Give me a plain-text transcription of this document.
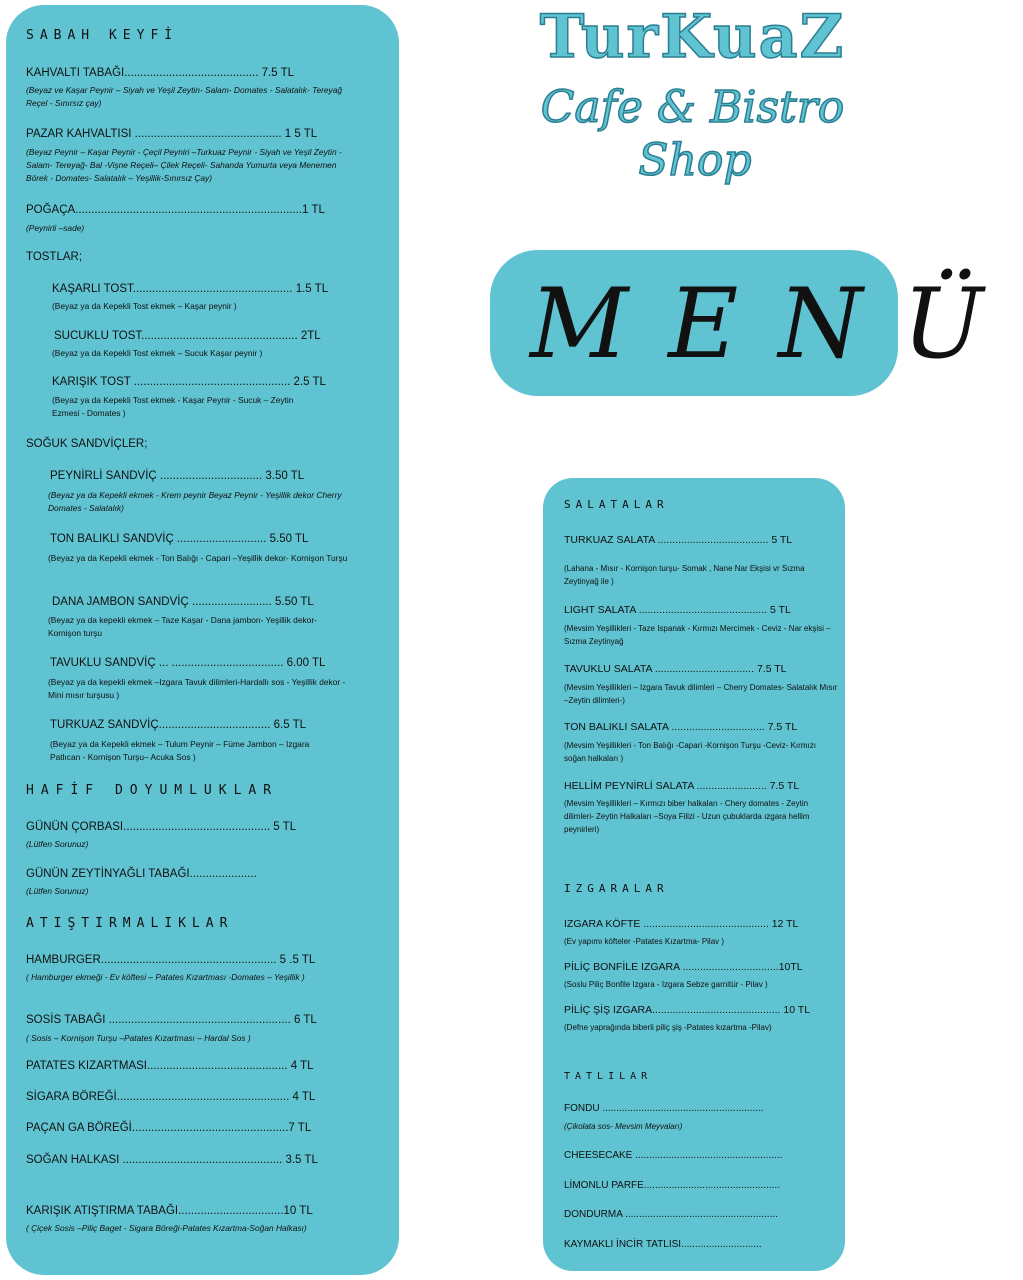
TurKuaZ
Cafe & Bistro
Shop
MENÜ
SABAH KEYFİ
KAHVALTI TABAĞI.......................................... 7.5 TL
(Beyaz ve Kaşar Peynir – Siyah ve Yeşil Zeytin- Salam- Domates - Salatalık- Tereyağ Reçel - Sınırsız çay)
PAZAR KAHVALTISI .............................................. 1 5 TL
(Beyaz Peynir – Kaşar Peynir - Çeçil Peyniri –Turkuaz Peynir - Siyah ve Yeşil Zeytin -Salam- Tereyağ- Bal -Vişne Reçeli– Çilek Reçeli- Sahanda Yumurta veya Menemen Börek - Domates- Salatalık – Yeşillik-Sınırsız Çay)
POĞAÇA.......................................................................1 TL
(Peynirli –sade)
TOSTLAR;
KAŞARLI TOST.................................................. 1.5 TL
(Beyaz ya da Kepekli Tost ekmek – Kaşar peynir )
SUCUKLU TOST................................................. 2TL
(Beyaz ya da Kepekli Tost ekmek – Sucuk Kaşar peynir )
KARIŞIK TOST ................................................. 2.5 TL
(Beyaz ya da Kepekli Tost ekmek - Kaşar Peynir - Sucuk – Zeytin Ezmesi - Domates )
SOĞUK SANDVİÇLER;
PEYNİRLİ SANDVİÇ ................................ 3.50 TL
(Beyaz ya da Kepekli ekmek - Krem peynir Beyaz Peynir - Yeşillik dekor Cherry Domates - Salatalık)
TON BALIKLI SANDVİÇ ............................ 5.50 TL
(Beyaz ya da Kepekli ekmek - Ton Balığı - Capari –Yeşillik dekor- Kornişon Turşu
DANA JAMBON SANDVİÇ ......................... 5.50 TL
(Beyaz ya da kepekli ekmek – Taze Kaşar - Dana jambon- Yeşillik dekor-Kornişon turşu
TAVUKLU SANDVİÇ ... ................................... 6.00 TL
(Beyaz ya da kepekli ekmek –Izgara Tavuk dilimleri-Hardallı sos - Yeşillik dekor - Mini mısır turşusu )
TURKUAZ SANDVİÇ................................... 6.5 TL
(Beyaz ya da Kepekli ekmek – Tulum Peynir – Füme Jambon – Izgara Patlıcan - Kornişon Turşu– Acuka Sos )
HAFİF DOYUMLUKLAR
GÜNÜN ÇORBASI.............................................. 5 TL
(Lütfen Sorunuz)
GÜNÜN ZEYTİNYAĞLI TABAĞI.....................
(Lütfen Sorunuz)
ATIŞTIRMALIKLAR
HAMBURGER....................................................... 5 .5 TL
( Hamburger ekmeği - Ev köftesi – Patates Kızartması -Domates – Yeşillik )
SOSİS TABAĞI ......................................................... 6 TL
( Sosis – Kornişon Turşu –Patates Kızartması – Hardal Sos )
PATATES KIZARTMASI............................................ 4 TL
SİGARA BÖREĞİ...................................................... 4 TL
PAÇAN GA BÖREĞİ.................................................7 TL
SOĞAN HALKASI .................................................. 3.5 TL
KARIŞIK ATIŞTIRMA TABAĞI.................................10 TL
( Çiçek Sosis –Piliç Baget - Sigara Böreği-Patates Kızartma-Soğan Halkası)
SALATALAR
TURKUAZ SALATA ...................................... 5 TL
(Lahana - Mısır - Kornişon turşu- Somak , Nane Nar Ekşisi vr Sızma Zeytinyağ ile )
LIGHT SALATA ............................................ 5 TL
(Mevsim Yeşillikleri - Taze Ispanak - Kırmızı Mercimek - Ceviz - Nar ekşisi – Sızma Zeytinyağ
TAVUKLU SALATA .................................. 7.5 TL
(Mevsim Yeşillikleri – Izgara Tavuk dilimleri – Cherry Domates- Salatalık Mısır –Zeytin dilimleri-)
TON BALIKLI SALATA ................................ 7.5 TL
(Mevsim Yeşillikleri - Ton Balığı -Capari -Kornişon Turşu -Ceviz- Kırmızı soğan halkaları )
HELLİM PEYNİRLİ SALATA ........................ 7.5 TL
(Mevsim Yeşillikleri – Kırmızı biber halkaları - Chery domates - Zeytin dilimleri- Zeytin Halkaları –Soya Filizi - Uzun çubuklarda ızgara hellim peynirleri)
IZGARALAR
IZGARA KÖFTE ........................................... 12 TL
(Ev yapımı köfteler -Patates Kızartma- Pilav )
PİLİÇ BONFİLE IZGARA .................................10TL
(Soslu Piliç Bonfile Izgara - Izgara Sebze garnitür - Pilav )
PİLİÇ ŞİŞ IZGARA............................................ 10 TL
(Defne yaprağında biberli piliç şiş -Patates kızartma -Pilav)
TATLILAR
FONDU ..........................................................
(Çikolata sos- Mevsim Meyvaları)
CHEESECAKE .....................................................
LİMONLU PARFE.................................................
DONDURMA .......................................................
KAYMAKLI İNCİR TATLISI.............................
